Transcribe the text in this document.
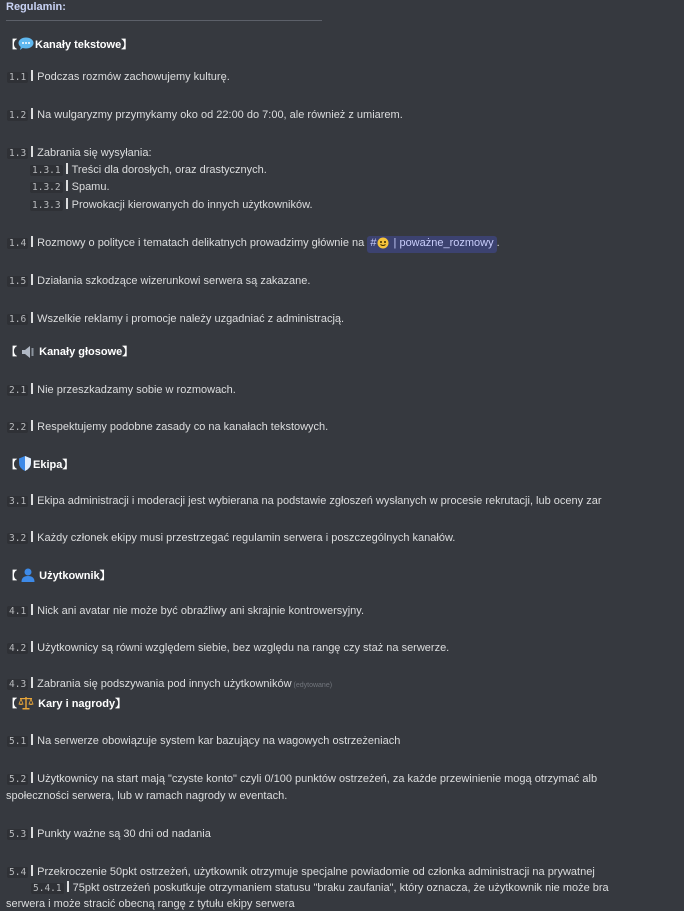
Regulamin:
【 Kanały tekstowe】
1.1 Podczas rozmów zachowujemy kulturę.
1.2 Na wulgaryzmy przymykamy oko od 22:00 do 7:00, ale również z umiarem.
1.3 Zabrania się wysyłania:
1.3.1 Treści dla dorosłych, oraz drastycznych.
1.3.2 Spamu.
1.3.3 Prowokacji kierowanych do innych użytkowników.
1.4 Rozmowy o polityce i tematach delikatnych prowadzimy głównie na # | poważne_rozmowy .
1.5 Działania szkodzące wizerunkowi serwera są zakazane.
1.6 Wszelkie reklamy i promocje należy uzgadniać z administracją.
【 Kanały głosowe】
2.1 Nie przeszkadzamy sobie w rozmowach.
2.2 Respektujemy podobne zasady co na kanałach tekstowych.
【 Ekipa】
3.1 Ekipa administracji i moderacji jest wybierana na podstawie zgłoszeń wysłanych w procesie rekrutacji, lub oceny zar
3.2 Każdy członek ekipy musi przestrzegać regulamin serwera i poszczególnych kanałów.
【 Użytkownik】
4.1 Nick ani avatar nie może być obraźliwy ani skrajnie kontrowersyjny.
4.2 Użytkownicy są równi względem siebie, bez względu na rangę czy staż na serwerze.
4.3 Zabrania się podszywania pod innych użytkowników (edytowane)
【 Kary i nagrody】
5.1 Na serwerze obowiązuje system kar bazujący na wagowych ostrzeżeniach
5.2 Użytkownicy na start mają "czyste konto" czyli 0/100 punktów ostrzeżeń, za każde przewinienie mogą otrzymać alb
społeczności serwera, lub w ramach nagrody w eventach.
5.3 Punkty ważne są 30 dni od nadania
5.4 Przekroczenie 50pkt ostrzeżeń, użytkownik otrzymuje specjalne powiadomie od członka administracji na prywatnej
5.4.1 75pkt ostrzeżeń poskutkuje otrzymaniem statusu "braku zaufania", który oznacza, że użytkownik nie może bra
serwera i może stracić obecną rangę z tytułu ekipy serwera
